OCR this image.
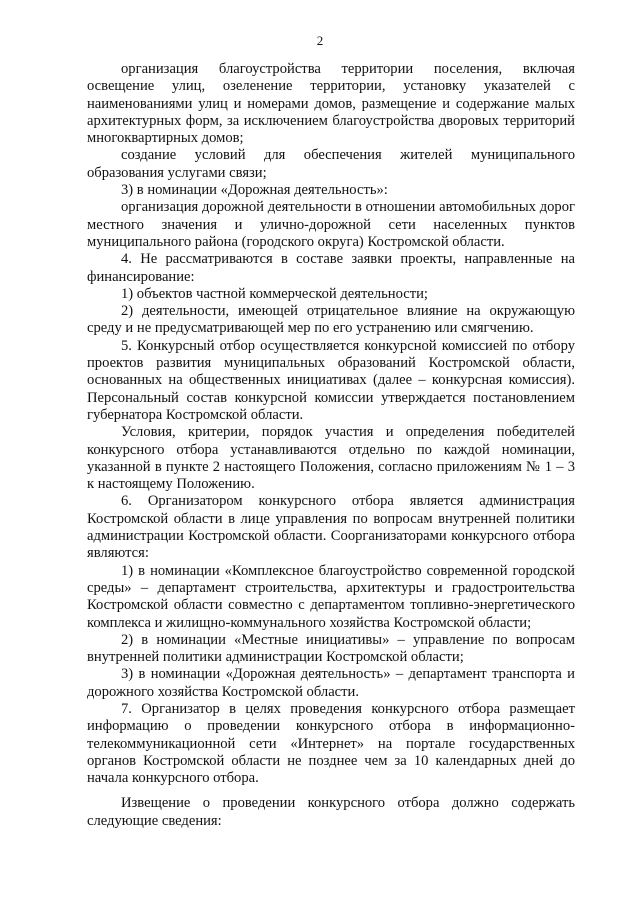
2

организация благоустройства территории поселения, включая освещение улиц, озеленение территории, установку указателей с наименованиями улиц и номерами домов, размещение и содержание малых архитектурных форм, за исключением благоустройства дворовых территорий многоквартирных домов;

создание условий для обеспечения жителей муниципального образования услугами связи;

3) в номинации «Дорожная деятельность»:

организация дорожной деятельности в отношении автомобильных дорог местного значения и улично-дорожной сети населенных пунктов муниципального района (городского округа) Костромской области.

4. Не рассматриваются в составе заявки проекты, направленные на финансирование:

1) объектов частной коммерческой деятельности;

2) деятельности, имеющей отрицательное влияние на окружающую среду и не предусматривающей мер по его устранению или смягчению.

5. Конкурсный отбор осуществляется конкурсной комиссией по отбору проектов развития муниципальных образований Костромской области, основанных на общественных инициативах (далее – конкурсная комиссия). Персональный состав конкурсной комиссии утверждается постановлением губернатора Костромской области.

Условия, критерии, порядок участия и определения победителей конкурсного отбора устанавливаются отдельно по каждой номинации, указанной в пункте 2 настоящего Положения, согласно приложениям № 1 – 3 к настоящему Положению.

6. Организатором конкурсного отбора является администрация Костромской области в лице управления по вопросам внутренней политики администрации Костромской области. Соорганизаторами конкурсного отбора являются:

1) в номинации «Комплексное благоустройство современной городской среды» – департамент строительства, архитектуры и градостроительства Костромской области совместно с департаментом топливно-энергетического комплекса и жилищно-коммунального хозяйства Костромской области;

2) в номинации «Местные инициативы» – управление по вопросам внутренней политики администрации Костромской области;

3) в номинации «Дорожная деятельность» – департамент транспорта и дорожного хозяйства Костромской области.

7. Организатор в целях проведения конкурсного отбора размещает информацию о проведении конкурсного отбора в информационно-телекоммуникационной сети «Интернет» на портале государственных органов Костромской области не позднее чем за 10 календарных дней до начала конкурсного отбора.

Извещение о проведении конкурсного отбора должно содержать следующие сведения:
